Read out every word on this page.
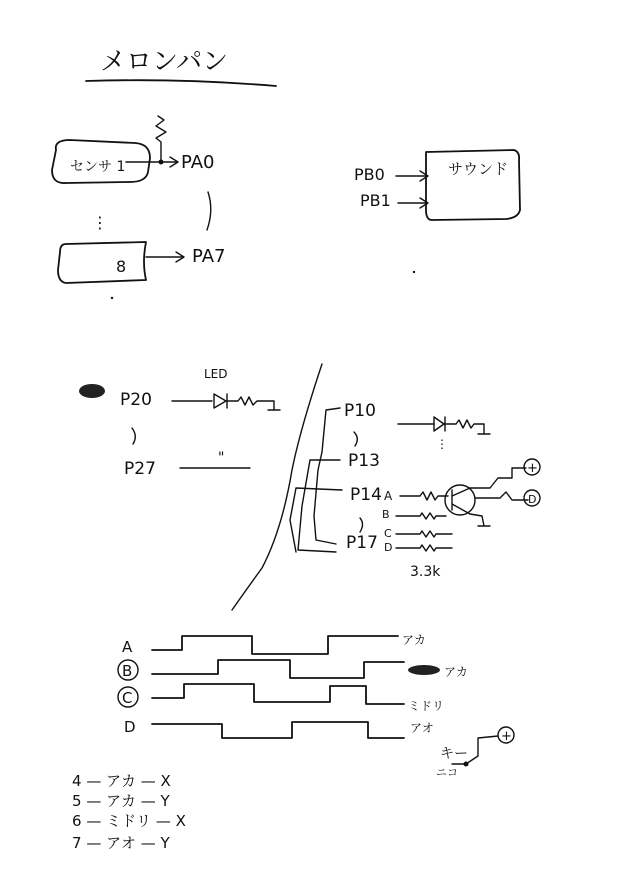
メロンパン
センサ 1	PA0
⋮
8	PA7
PB0
PB1
サウンド
P20
LED
P27
"
P10
⋮
P13
P14 A
B
C
P17 D
+
D
3.3k
A	アカ
B	アカ
C	ミドリ
D	アオ
キー
ニコ
+
4 — アカ — X
5 — アカ — Y
6 — ミドリ — X
7 — アオ — Y
